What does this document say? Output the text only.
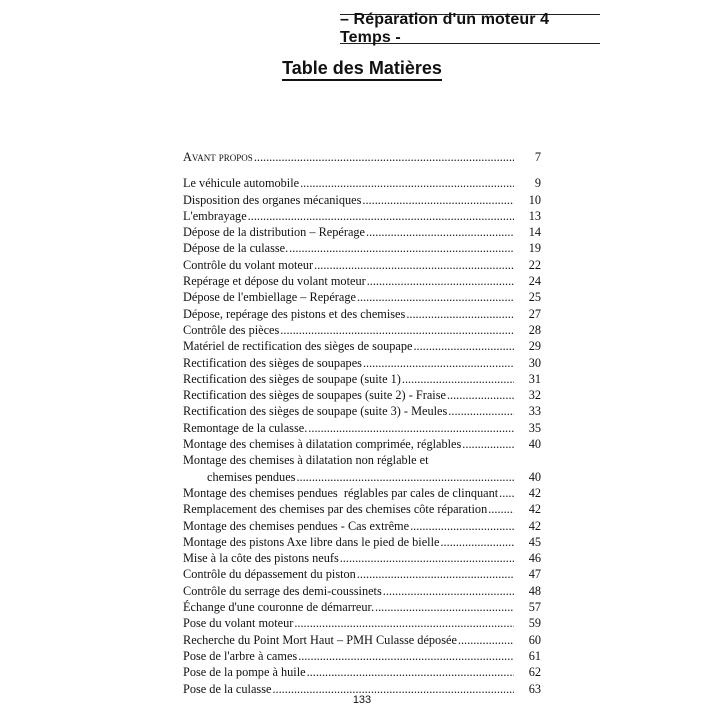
– Réparation d'un moteur 4 Temps -
Table des Matières
Avant propos .....	7
Le véhicule automobile .....	9
Disposition des organes mécaniques .....	10
L'embrayage .....	13
Dépose de la distribution – Repérage .....	14
Dépose de la culasse. .....	19
Contrôle du volant moteur .....	22
Repérage et dépose du volant moteur .....	24
Dépose de l'embiellage – Repérage .....	25
Dépose, repérage des pistons et des chemises .....	27
Contrôle des pièces .....	28
Matériel de rectification des sièges de soupape .....	29
Rectification des sièges de soupapes .....	30
Rectification des sièges de soupape (suite 1) .....	31
Rectification des sièges de soupapes (suite 2) - Fraise .....	32
Rectification des sièges de soupape (suite 3) - Meules .....	33
Remontage de la culasse. .....	35
Montage des chemises à dilatation comprimée, réglables .....	40
Montage des chemises à dilatation non réglable et
chemises pendues .....	40
Montage des chemises pendues  réglables par cales de clinquant .....	42
Remplacement des chemises par des chemises côte réparation .....	42
Montage des chemises pendues - Cas extrême .....	42
Montage des pistons Axe libre dans le pied de bielle .....	45
Mise à la côte des pistons neufs .....	46
Contrôle du dépassement du piston .....	47
Contrôle du serrage des demi-coussinets .....	48
Échange d'une couronne de démarreur. .....	57
Pose du volant moteur .....	59
Recherche du Point Mort Haut – PMH Culasse déposée .....	60
Pose de l'arbre à cames .....	61
Pose de la pompe à huile .....	62
Pose de la culasse .....	63
133
